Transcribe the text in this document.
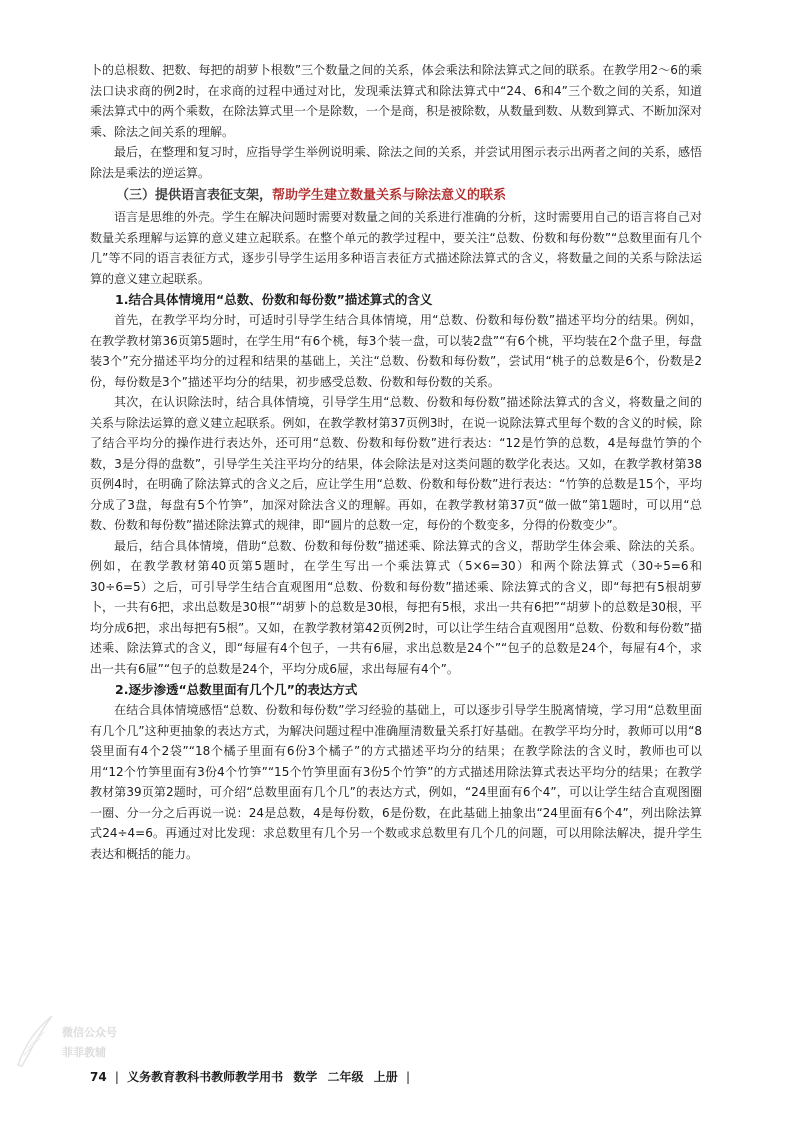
卜的总根数、把数、每把的胡萝卜根数”三个数量之间的关系，体会乘法和除法算式之间的联系。在教学用2～6的乘法口诀求商的例2时，在求商的过程中通过对比，发现乘法算式和除法算式中“24、6和4”三个数之间的关系，知道乘法算式中的两个乘数，在除法算式里一个是除数，一个是商，积是被除数，从数量到数、从数到算式、不断加深对乘、除法之间关系的理解。

最后，在整理和复习时，应指导学生举例说明乘、除法之间的关系，并尝试用图示表示出两者之间的关系，感悟除法是乘法的逆运算。

（三）提供语言表征支架，帮助学生建立数量关系与除法意义的联系

语言是思维的外壳。学生在解决问题时需要对数量之间的关系进行准确的分析，这时需要用自己的语言将自己对数量关系理解与运算的意义建立起联系。在整个单元的教学过程中，要关注“总数、份数和每份数”“总数里面有几个几”等不同的语言表征方式，逐步引导学生运用多种语言表征方式描述除法算式的含义，将数量之间的关系与除法运算的意义建立起联系。

1.结合具体情境用“总数、份数和每份数”描述算式的含义

首先，在教学平均分时，可适时引导学生结合具体情境，用“总数、份数和每份数”描述平均分的结果。例如，在教学教材第36页第5题时，在学生用“有6个桃，每3个装一盘，可以装2盘”“有6个桃，平均装在2个盘子里，每盘装3个”充分描述平均分的过程和结果的基础上，关注“总数、份数和每份数”，尝试用“桃子的总数是6个，份数是2份，每份数是3个”描述平均分的结果，初步感受总数、份数和每份数的关系。

其次，在认识除法时，结合具体情境，引导学生用“总数、份数和每份数”描述除法算式的含义，将数量之间的关系与除法运算的意义建立起联系。例如，在教学教材第37页例3时，在说一说除法算式里每个数的含义的时候，除了结合平均分的操作进行表达外，还可用“总数、份数和每份数”进行表达：“12是竹笋的总数，4是每盘竹笋的个数，3是分得的盘数”，引导学生关注平均分的结果，体会除法是对这类问题的数学化表达。又如，在教学教材第38页例4时，在明确了除法算式的含义之后，应让学生用“总数、份数和每份数”进行表达：“竹笋的总数是15个，平均分成了3盘，每盘有5个竹笋”，加深对除法含义的理解。再如，在教学教材第37页“做一做”第1题时，可以用“总数、份数和每份数”描述除法算式的规律，即“圆片的总数一定，每份的个数变多，分得的份数变少”。

最后，结合具体情境，借助“总数、份数和每份数”描述乘、除法算式的含义，帮助学生体会乘、除法的关系。例如，在教学教材第40页第5题时，在学生写出一个乘法算式（5×6=30）和两个除法算式（30÷5=6和30÷6=5）之后，可引导学生结合直观图用“总数、份数和每份数”描述乘、除法算式的含义，即“每把有5根胡萝卜，一共有6把，求出总数是30根”“胡萝卜的总数是30根，每把有5根，求出一共有6把”“胡萝卜的总数是30根，平均分成6把，求出每把有5根”。又如，在教学教材第42页例2时，可以让学生结合直观图用“总数、份数和每份数”描述乘、除法算式的含义，即“每屉有4个包子，一共有6屉，求出总数是24个”“包子的总数是24个，每屉有4个，求出一共有6屉”“包子的总数是24个，平均分成6屉，求出每屉有4个”。

2.逐步渗透“总数里面有几个几”的表达方式

在结合具体情境感悟“总数、份数和每份数”学习经验的基础上，可以逐步引导学生脱离情境，学习用“总数里面有几个几”这种更抽象的表达方式，为解决问题过程中准确厘清数量关系打好基础。在教学平均分时，教师可以用“8袋里面有4个2袋”“18个橘子里面有6份3个橘子”的方式描述平均分的结果；在教学除法的含义时，教师也可以用“12个竹笋里面有3份4个竹笋”“15个竹笋里面有3份5个竹笋”的方式描述用除法算式表达平均分的结果；在教学教材第39页第2题时，可介绍“总数里面有几个几”的表达方式，例如，“24里面有6个4”，可以让学生结合直观图圈一圈、分一分之后再说一说：24是总数，4是每份数，6是份数，在此基础上抽象出“24里面有6个4”，列出除法算式24÷4=6。再通过对比发现：求总数里有几个另一个数或求总数里有几个几的问题，可以用除法解决，提升学生表达和概括的能力。

微信公众号
菲菲教辅
74 | 义务教育教科书教师教学用书 数学 二年级 上册 |
